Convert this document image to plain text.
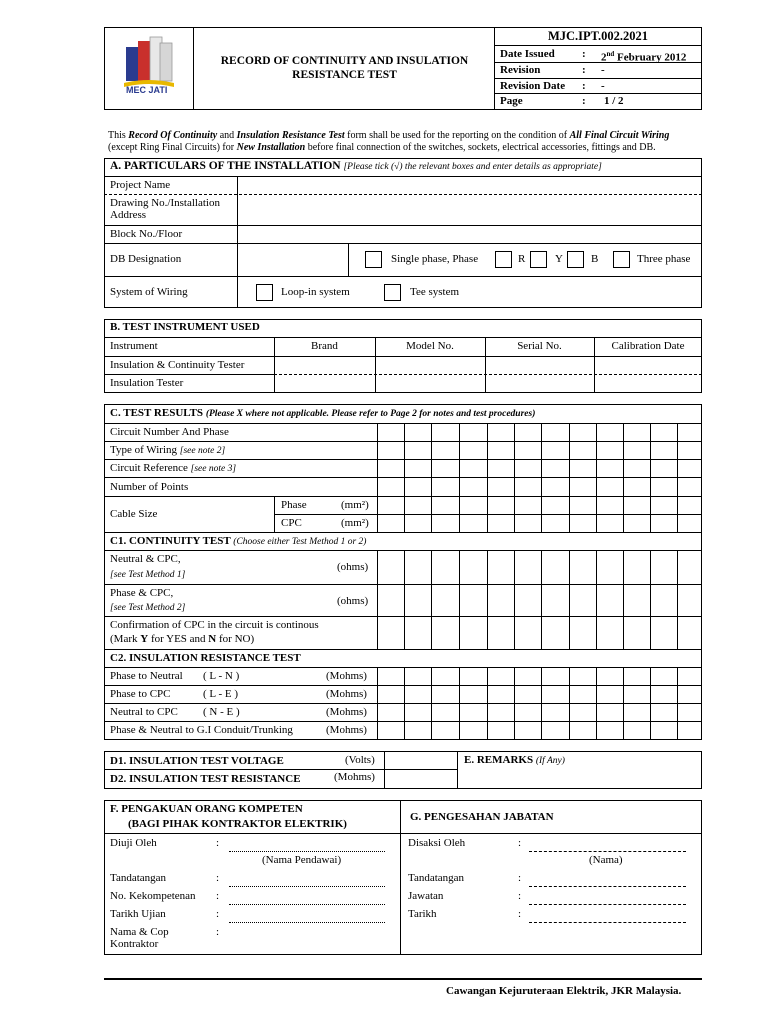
MEC JATI
RECORD OF CONTINUITY AND INSULATION
RESISTANCE TEST
MJC.IPT.002.2021
Date Issued : 2nd February 2012
Revision	: -
Revision Date : -
Page	: 1 / 2
This Record Of Continuity and Insulation Resistance Test form shall be used for the reporting on the condition of All Final Circuit Wiring
(except Ring Final Circuits) for New Installation before final connection of the switches, sockets, electrical accessories, fittings and DB.
A. PARTICULARS OF THE INSTALLATION [Please tick (√) the relevant boxes and enter details as appropriate]
Project Name
Drawing No./Installation
Address
Block No./Floor
DB Designation	Single phase, Phase	R	Y	B	Three phase
System of Wiring	Loop-in system	Tee system
B. TEST INSTRUMENT USED
Instrument	Brand	Model No.	Serial No.	Calibration Date
Insulation & Continuity Tester
Insulation Tester
C. TEST RESULTS (Please X where not applicable. Please refer to Page 2 for notes and test procedures)
Circuit Number And Phase
Type of Wiring [see note 2]
Circuit Reference [see note 3]
Number of Points
Cable Size
Phase	(mm²)
CPC	(mm²)
C1. CONTINUITY TEST (Choose either Test Method 1 or 2)
Neutral & CPC,
[see Test Method 1]
(ohms)
Phase & CPC,
[see Test Method 2]
(ohms)
Confirmation of CPC in the circuit is continous
(Mark Y for YES and N for NO)
C2. INSULATION RESISTANCE TEST
Phase to Neutral ( L - N )	(Mohms)
Phase to CPC	( L - E )	(Mohms)
Neutral to CPC ( N - E )	(Mohms)
Phase & Neutral to G.I Conduit/Trunking	(Mohms)
D1. INSULATION TEST VOLTAGE	(Volts)
D2. INSULATION TEST RESISTANCE	(Mohms)
E. REMARKS (If Any)
F. PENGAKUAN ORANG KOMPETEN
(BAGI PIHAK KONTRAKTOR ELEKTRIK)
G. PENGESAHAN JABATAN
Diuji Oleh	:
(Nama Pendawai)
Tandatangan	:
No. Kekompetenan :
Tarikh Ujian	:
Nama & Cop
Kontraktor
:
Disaksi Oleh	:
(Nama)
Tandatangan	:
Jawatan	:
Tarikh	:
Cawangan Kejuruteraan Elektrik, JKR Malaysia.
